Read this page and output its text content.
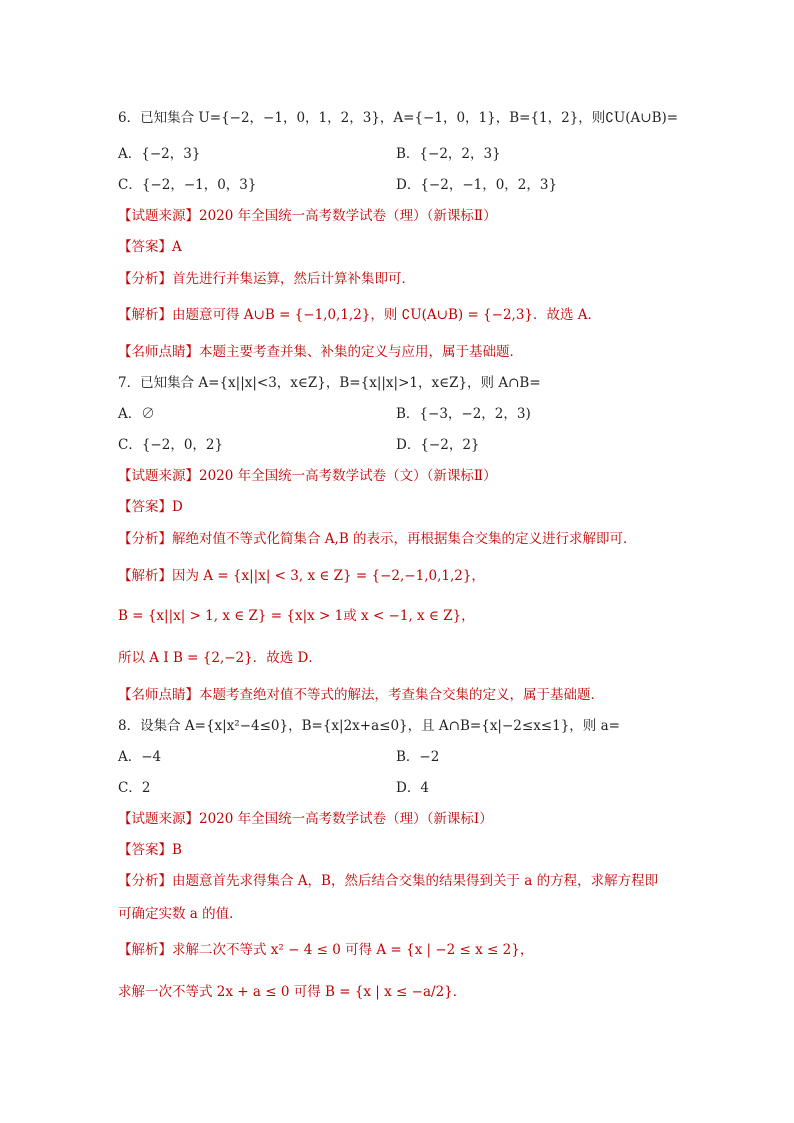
6．已知集合 U={−2，−1，0，1，2，3}，A={−1，0，1}，B={1，2}，则∁U(A∪B)=
A．{−2，3}	B．{−2，2，3}
C．{−2，−1，0，3}	D．{−2，−1，0，2，3}
【试题来源】2020 年全国统一高考数学试卷（理）（新课标Ⅱ）
【答案】A
【分析】首先进行并集运算，然后计算补集即可．
【解析】由题意可得 A∪B = {−1,0,1,2}，则 ∁U(A∪B) = {−2,3}．故选 A．
【名师点睛】本题主要考查并集、补集的定义与应用，属于基础题．
7．已知集合 A={x||x|<3，x∈Z}，B={x||x|>1，x∈Z}，则 A∩B=
A．∅	B．{−3，−2，2，3)
C．{−2，0，2}	D．{−2，2}
【试题来源】2020 年全国统一高考数学试卷（文）（新课标Ⅱ）
【答案】D
【分析】解绝对值不等式化简集合 A,B 的表示，再根据集合交集的定义进行求解即可．
【解析】因为 A = {x||x| < 3, x ∈ Z} = {−2,−1,0,1,2}，
B = {x||x| > 1, x ∈ Z} = {x|x > 1或 x < −1, x ∈ Z}，
所以 A I B = {2,−2}．故选 D．
【名师点睛】本题考查绝对值不等式的解法，考查集合交集的定义，属于基础题．
8．设集合 A={x|x²−4≤0}，B={x|2x+a≤0}，且 A∩B={x|−2≤x≤1}，则 a=
A．−4	B．−2
C．2	D．4
【试题来源】2020 年全国统一高考数学试卷（理）（新课标Ⅰ）
【答案】B
【分析】由题意首先求得集合 A，B，然后结合交集的结果得到关于 a 的方程，求解方程即
可确定实数 a 的值．
【解析】求解二次不等式 x² − 4 ≤ 0 可得 A = {x | −2 ≤ x ≤ 2}，
求解一次不等式 2x + a ≤ 0 可得 B = {x | x ≤ −a/2}．
